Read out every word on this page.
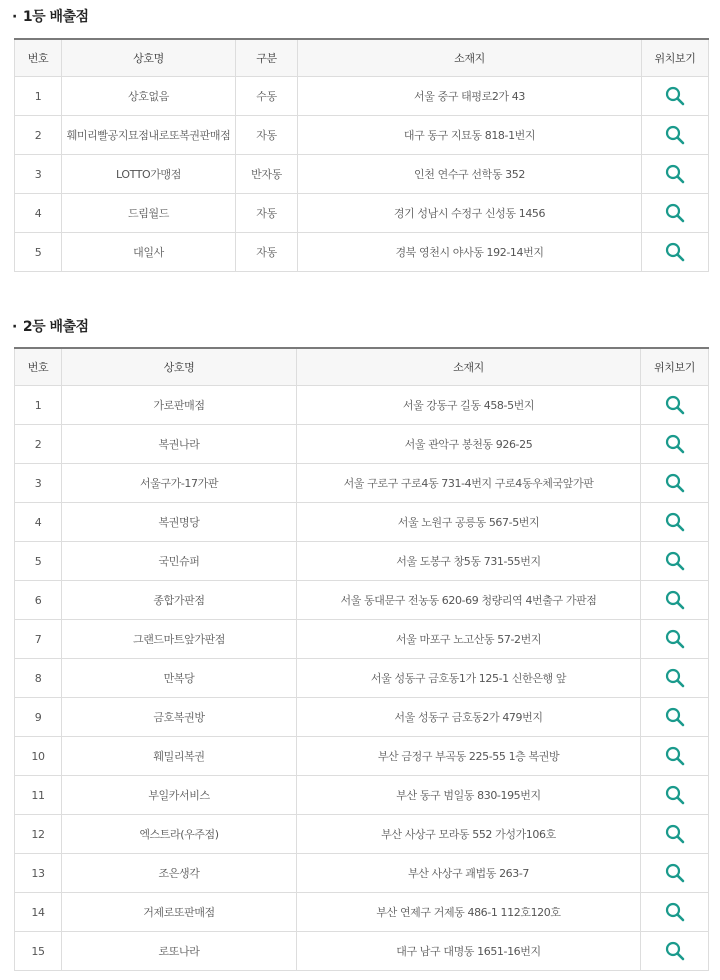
· 1등 배출점
번호	상호명	구분	소재지	위치보기
1	상호없음	수동	서울 중구 태평로2가 43	

2	훼미리빨공지묘점내로또복권판매점	자동	대구 동구 지묘동 818-1번지	

3	LOTTO가맹점	반자동	인천 연수구 선학동 352	

4	드림월드	자동	경기 성남시 수정구 신성동 1456	

5	대일사	자동	경북 영천시 야사동 192-14번지	
· 2등 배출점
번호	상호명	소재지	위치보기
1	가로판매점	서울 강동구 길동 458-5번지	

2	복권나라	서울 관악구 봉천동 926-25	

3	서울구가-17가판	서울 구로구 구로4동 731-4번지 구로4동우체국앞가판	

4	복권명당	서울 노원구 공릉동 567-5번지	

5	국민슈퍼	서울 도봉구 창5동 731-55번지	

6	종합가판점	서울 동대문구 전농동 620-69 청량리역 4번출구 가판점	

7	그랜드마트앞가판점	서울 마포구 노고산동 57-2번지	

8	만복당	서울 성동구 금호동1가 125-1 신한은행 앞	

9	금호복권방	서울 성동구 금호동2가 479번지	

10	훼밀리복권	부산 금정구 부곡동 225-55 1층 복권방	

11	부일카서비스	부산 동구 범일동 830-195번지	

12	엑스트라(우주점)	부산 사상구 모라동 552 가성가106호	

13	조은생각	부산 사상구 괘법동 263-7	

14	거제로또판매점	부산 연제구 거제동 486-1 112호120호	

15	로또나라	대구 남구 대명동 1651-16번지	
